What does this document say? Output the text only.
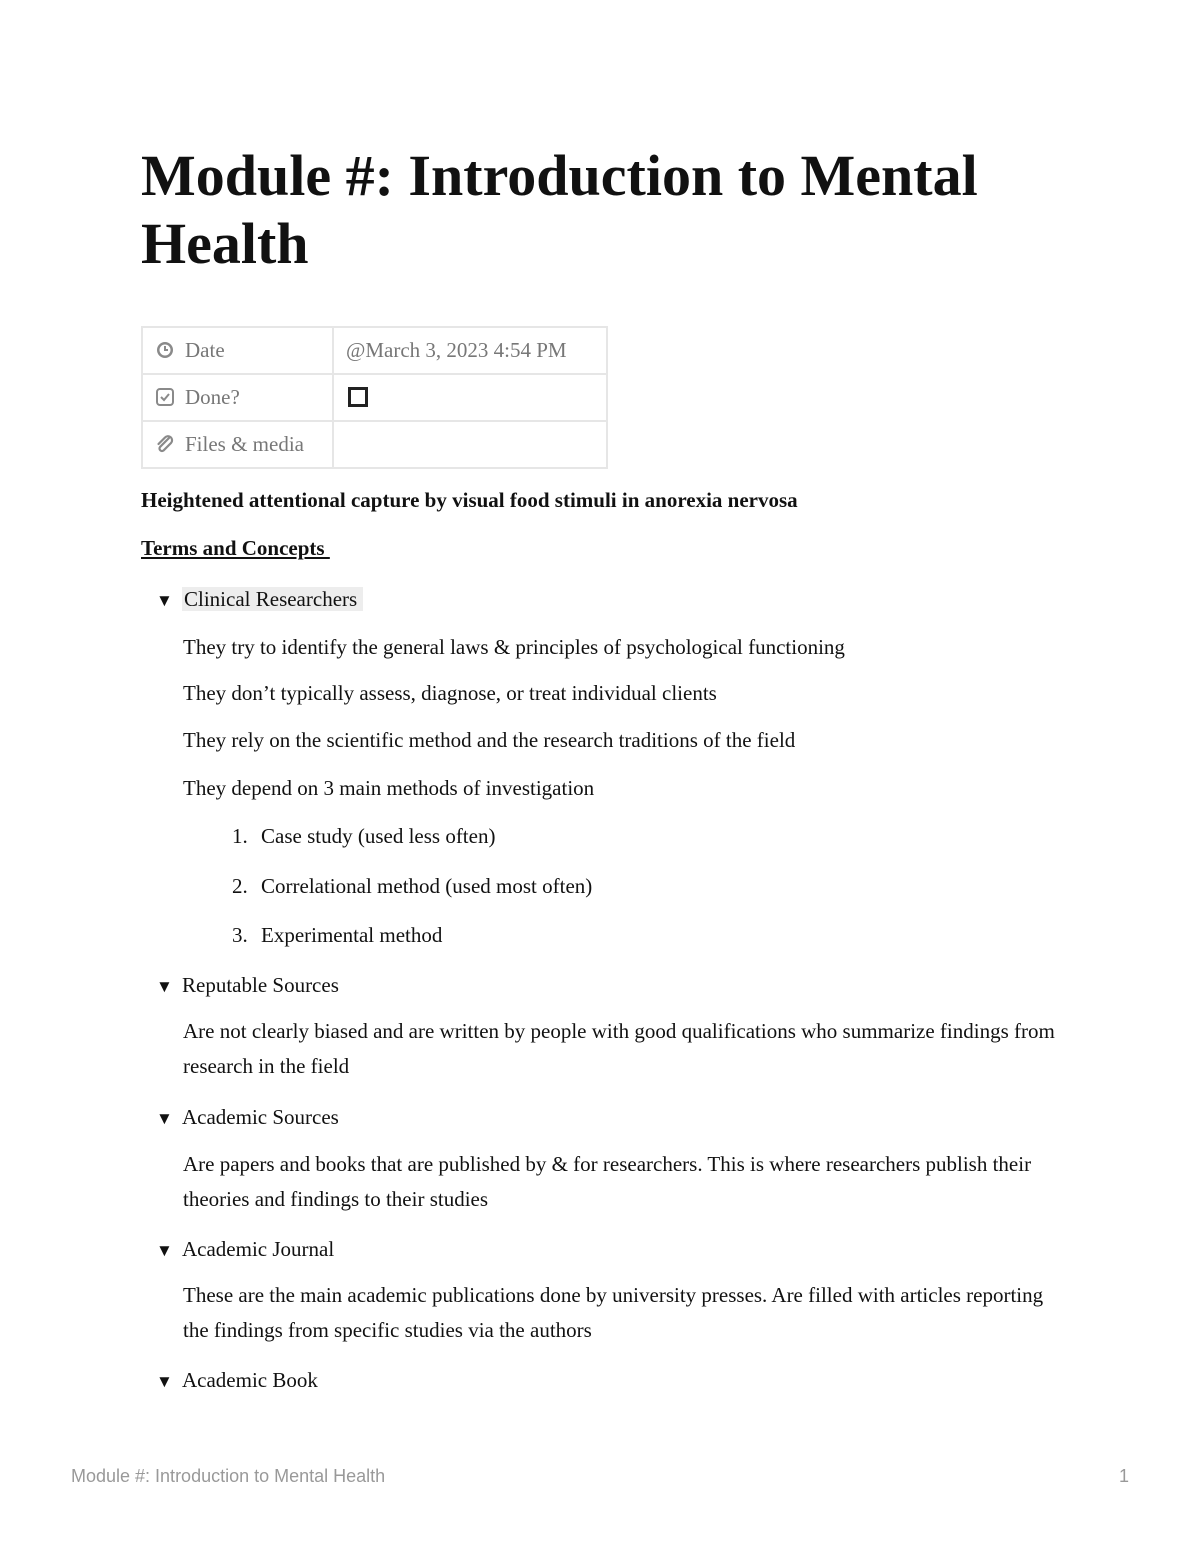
Module #: Introduction to Mental Health
Date	@March 3, 2023 4:54 PM
Done?	
Files & media	

Heightened attentional capture by visual food stimuli in anorexia nervosa

Terms and Concepts

▼ Clinical Researchers

They try to identify the general laws & principles of psychological functioning

They don’t typically assess, diagnose, or treat individual clients

They rely on the scientific method and the research traditions of the field

They depend on 3 main methods of investigation

1. Case study (used less often)
2. Correlational method (used most often)
3. Experimental method
▼ Reputable Sources

Are not clearly biased and are written by people with good qualifications who summarize findings from research in the field

▼ Academic Sources

Are papers and books that are published by & for researchers. This is where researchers publish their theories and findings to their studies

▼ Academic Journal

These are the main academic publications done by university presses. Are filled with articles reporting the findings from specific studies via the authors

▼ Academic Book
Module #: Introduction to Mental Health	1
